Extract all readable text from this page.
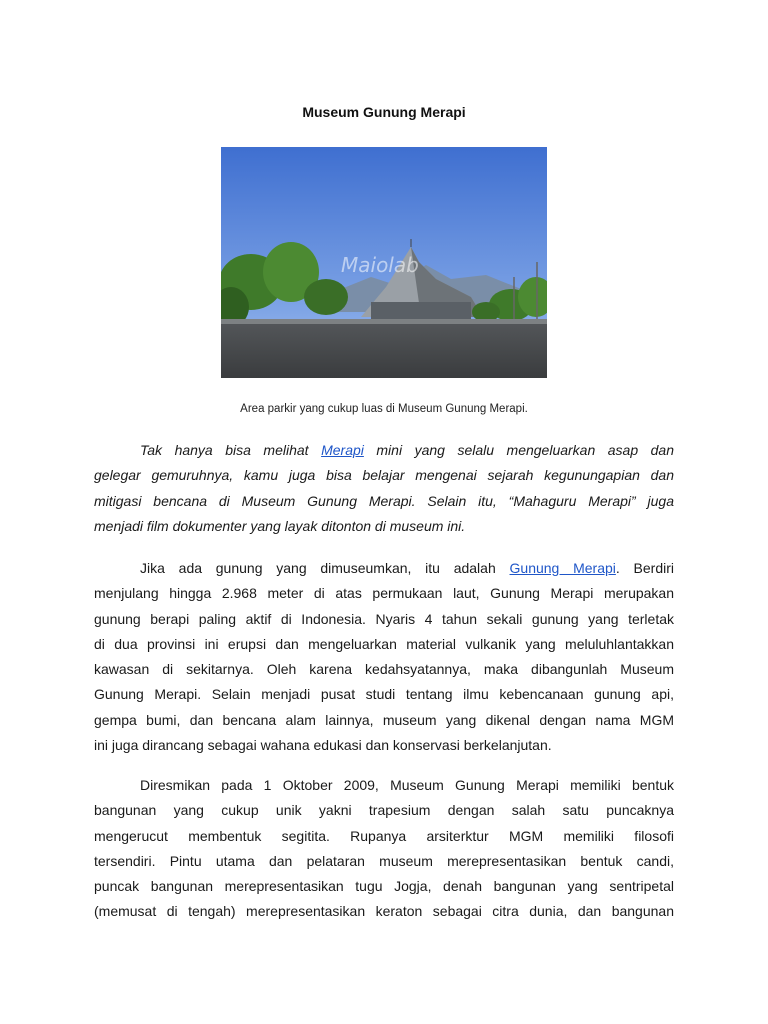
Museum Gunung Merapi
Maiolab
Area parkir yang cukup luas di Museum Gunung Merapi.
Tak hanya bisa melihat Merapi mini yang selalu mengeluarkan asap dan
gelegar gemuruhnya, kamu juga bisa belajar mengenai sejarah kegunungapian dan
mitigasi bencana di Museum Gunung Merapi. Selain itu, “Mahaguru Merapi” juga
menjadi film dokumenter yang layak ditonton di museum ini.
Jika ada gunung yang dimuseumkan, itu adalah Gunung Merapi. Berdiri
menjulang hingga 2.968 meter di atas permukaan laut, Gunung Merapi merupakan
gunung berapi paling aktif di Indonesia. Nyaris 4 tahun sekali gunung yang terletak
di dua provinsi ini erupsi dan mengeluarkan material vulkanik yang meluluhlantakkan
kawasan di sekitarnya. Oleh karena kedahsyatannya, maka dibangunlah Museum
Gunung Merapi. Selain menjadi pusat studi tentang ilmu kebencanaan gunung api,
gempa bumi, dan bencana alam lainnya, museum yang dikenal dengan nama MGM
ini juga dirancang sebagai wahana edukasi dan konservasi berkelanjutan.
Diresmikan pada 1 Oktober 2009, Museum Gunung Merapi memiliki bentuk
bangunan yang cukup unik yakni trapesium dengan salah satu puncaknya
mengerucut membentuk segitita. Rupanya arsiterktur MGM memiliki filosofi
tersendiri. Pintu utama dan pelataran museum merepresentasikan bentuk candi,
puncak bangunan merepresentasikan tugu Jogja, denah bangunan yang sentripetal
(memusat di tengah) merepresentasikan keraton sebagai citra dunia, dan bangunan
